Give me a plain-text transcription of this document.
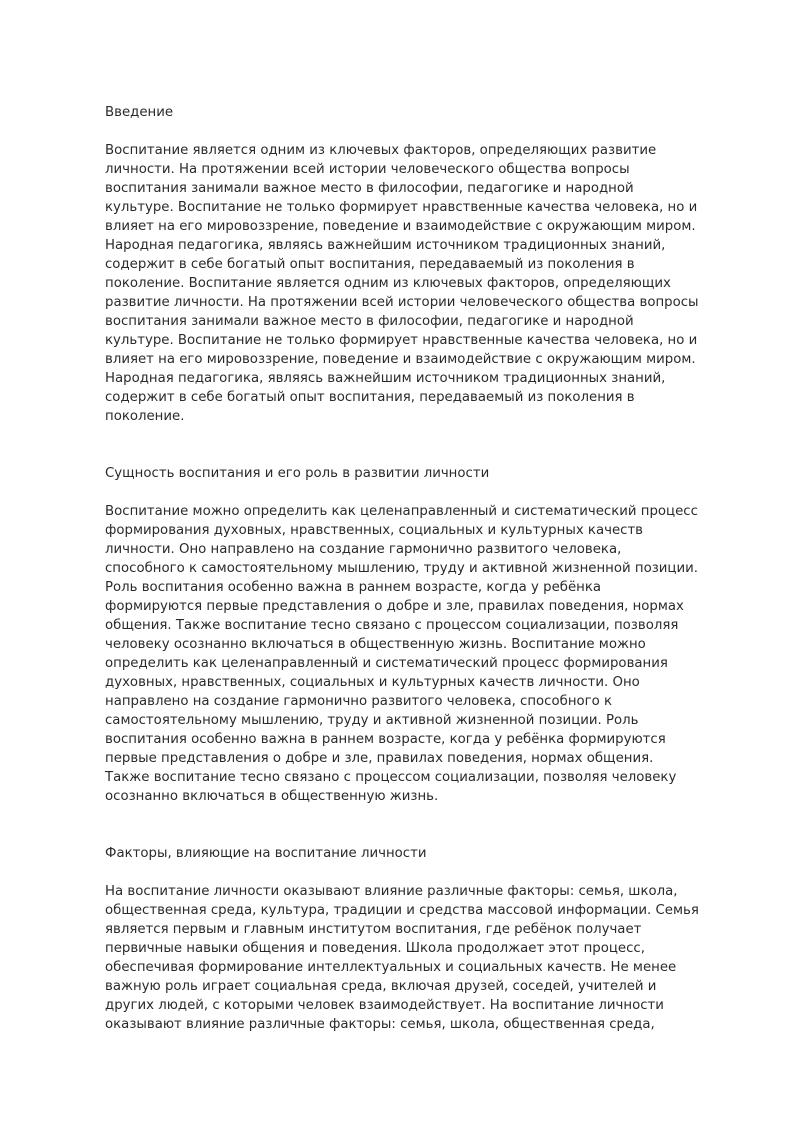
Введение

Воспитание является одним из ключевых факторов, определяющих развитие личности. На протяжении всей истории человеческого общества вопросы воспитания занимали важное место в философии, педагогике и народной культуре. Воспитание не только формирует нравственные качества человека, но и влияет на его мировоззрение, поведение и взаимодействие с окружающим миром. Народная педагогика, являясь важнейшим источником традиционных знаний, содержит в себе богатый опыт воспитания, передаваемый из поколения в поколение. Воспитание является одним из ключевых факторов, определяющих развитие личности. На протяжении всей истории человеческого общества вопросы воспитания занимали важное место в философии, педагогике и народной культуре. Воспитание не только формирует нравственные качества человека, но и влияет на его мировоззрение, поведение и взаимодействие с окружающим миром. Народная педагогика, являясь важнейшим источником традиционных знаний, содержит в себе богатый опыт воспитания, передаваемый из поколения в поколение.

Сущность воспитания и его роль в развитии личности

Воспитание можно определить как целенаправленный и систематический процесс формирования духовных, нравственных, социальных и культурных качеств личности. Оно направлено на создание гармонично развитого человека, способного к самостоятельному мышлению, труду и активной жизненной позиции. Роль воспитания особенно важна в раннем возрасте, когда у ребёнка формируются первые представления о добре и зле, правилах поведения, нормах общения. Также воспитание тесно связано с процессом социализации, позволяя человеку осознанно включаться в общественную жизнь. Воспитание можно определить как целенаправленный и систематический процесс формирования духовных, нравственных, социальных и культурных качеств личности. Оно направлено на создание гармонично развитого человека, способного к самостоятельному мышлению, труду и активной жизненной позиции. Роль воспитания особенно важна в раннем возрасте, когда у ребёнка формируются первые представления о добре и зле, правилах поведения, нормах общения. Также воспитание тесно связано с процессом социализации, позволяя человеку осознанно включаться в общественную жизнь.

Факторы, влияющие на воспитание личности

На воспитание личности оказывают влияние различные факторы: семья, школа, общественная среда, культура, традиции и средства массовой информации. Семья является первым и главным институтом воспитания, где ребёнок получает первичные навыки общения и поведения. Школа продолжает этот процесс, обеспечивая формирование интеллектуальных и социальных качеств. Не менее важную роль играет социальная среда, включая друзей, соседей, учителей и других людей, с которыми человек взаимодействует. На воспитание личности оказывают влияние различные факторы: семья, школа, общественная среда,
